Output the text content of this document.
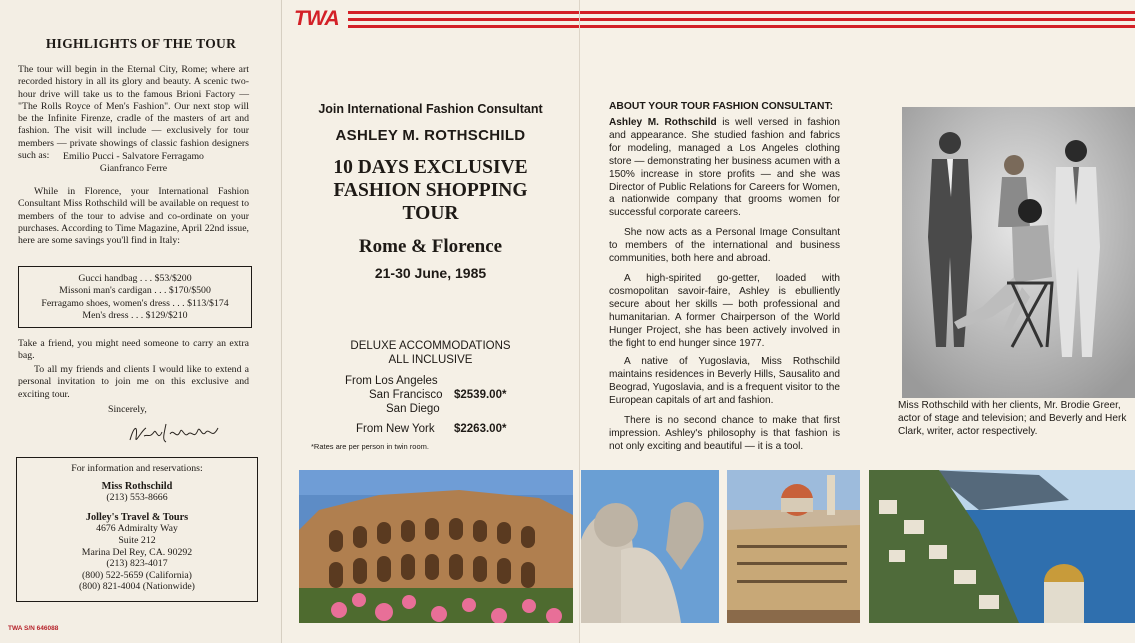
HIGHLIGHTS OF THE TOUR

The tour will begin in the Eternal City, Rome; where art recorded history in all its glory and beauty. A scenic two-hour drive will take us to the famous Brioni Factory — "The Rolls Royce of Men's Fashion". Our next stop will be the Infinite Firenze, cradle of the masters of art and fashion. The visit will include — exclusively for tour members — private showings of classic fashion designers such as:	Emilio Pucci - Salvatore Ferragamo
Gianfranco Ferre

While in Florence, your International Fashion Consultant Miss Rothschild will be available on request to members of the tour to advise and co-ordinate on your purchases. According to Time Magazine, April 22nd issue, here are some savings you'll find in Italy:

Gucci handbag . . . $53/$200
Missoni man's cardigan . . . $170/$500
Ferragamo shoes, women's dress . . . $113/$174
Men's dress . . . $129/$210

Take a friend, you might need someone to carry an extra bag.

To all my friends and clients I would like to extend a personal invitation to join me on this exclusive and exciting tour.

Sincerely,
For information and reservations:
Miss Rothschild
(213) 553-8666
Jolley's Travel & Tours
4676 Admiralty Way
Suite 212
Marina Del Rey, CA. 90292
(213) 823-4017
(800) 522-5659 (California)
(800) 821-4004 (Nationwide)
TWA S/N 646088
TWA
Join International Fashion Consultant
ASHLEY M. ROTHSCHILD
10 DAYS EXCLUSIVE
FASHION SHOPPING
TOUR
Rome & Florence
21-30 June, 1985
DELUXE ACCOMMODATIONS
ALL INCLUSIVE
From Los Angeles
San Francisco $2539.00*
San Diego
From New York $2263.00*
*Rates are per person in twin room.
ABOUT YOUR TOUR FASHION CONSULTANT:

Ashley M. Rothschild is well versed in fashion and appearance. She studied fashion and fabrics for modeling, managed a Los Angeles clothing store — demonstrating her business acumen with a 150% increase in store profits — and she was Director of Public Relations for Careers for Women, a nationwide company that grooms women for successful corporate careers.

She now acts as a Personal Image Consultant to members of the international and business communities, both here and abroad.

A high-spirited go-getter, loaded with cosmopolitan savoir-faire, Ashley is ebulliently secure about her skills — both professional and humanitarian. A former Chairperson of the World Hunger Project, she has been actively involved in the fight to end hunger since 1977.

A native of Yugoslavia, Miss Rothschild maintains residences in Beverly Hills, Sausalito and Beograd, Yugoslavia, and is a frequent visitor to the European capitals of art and fashion.

There is no second chance to make that first impression. Ashley's philosophy is that fashion is not only exciting and beautiful — it is a tool.

Miss Rothschild with her clients, Mr. Brodie Greer, actor of stage and television; and Beverly and Herk Clark, writer, actor respectively.
